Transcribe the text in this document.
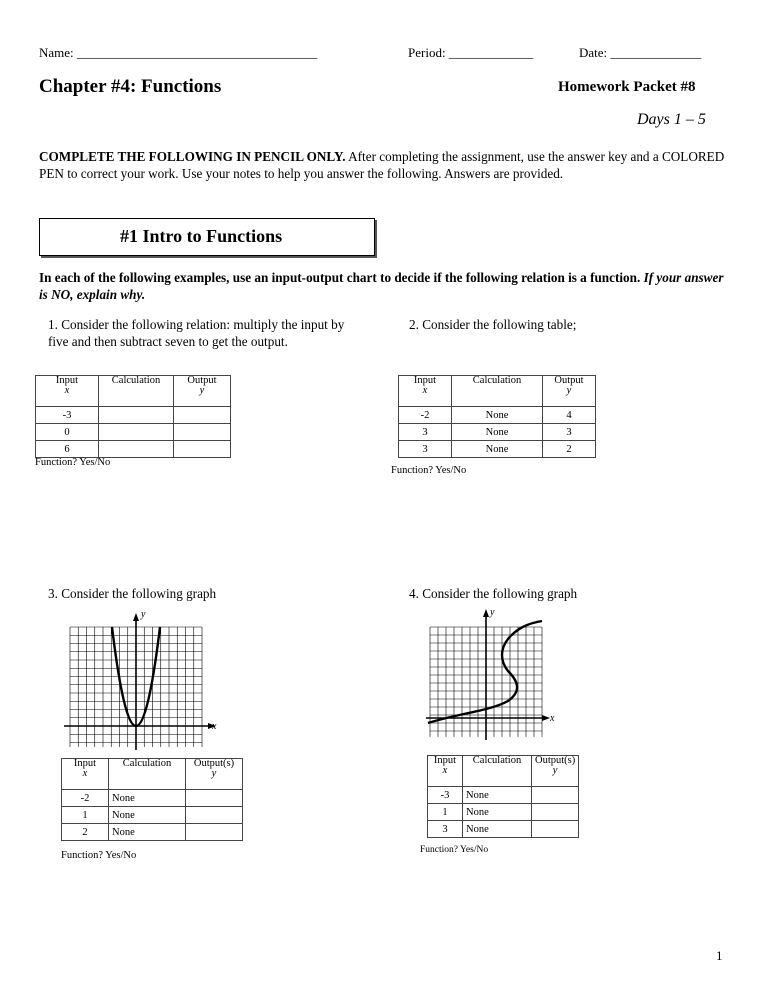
Name: _____________________________________	Period: _____________	Date: ______________
Chapter #4: Functions	Homework Packet #8
Days 1 – 5
COMPLETE THE FOLLOWING IN PENCIL ONLY. After completing the assignment, use the answer key and a COLORED PEN to correct your work. Use your notes to help you answer the following. Answers are provided.
#1 Intro to Functions
In each of the following examples, use an input-output chart to decide if the following relation is a function. If your answer is NO, explain why.
1. Consider the following relation: multiply the input by five and then subtract seven to get the output.
Input
x	Calculation	Output
y
-3		
0		
6		
Function? Yes/No
2. Consider the following table;
Input
x	Calculation	Output
y
-2	None	4
3	None	3
3	None	2
Function? Yes/No
3. Consider the following graph
x
y
Input
x	Calculation	Output(s)
y
-2	None	
1	None	
2	None	
Function? Yes/No
4. Consider the following graph
x
y
Input
x	Calculation	Output(s)
y
-3	None	
1	None	
3	None	
Function? Yes/No
1
